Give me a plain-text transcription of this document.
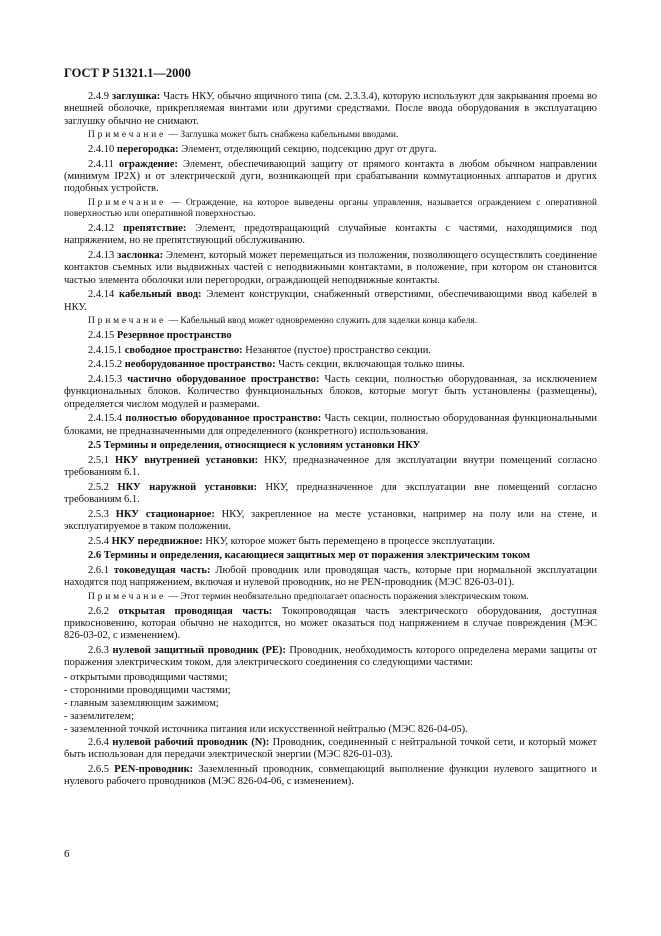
ГОСТ Р 51321.1—2000

2.4.9 заглушка: Часть НКУ, обычно ящичного типа (см. 2.3.3.4), которую используют для закрывания проема во внешней оболочке, прикрепляемая винтами или другими средствами. После ввода оборудования в эксплуатацию заглушку обычно не снимают.

Примечание — Заглушка может быть снабжена кабельными вводами.

2.4.10 перегородка: Элемент, отделяющий секцию, подсекцию друг от друга.

2.4.11 ограждение: Элемент, обеспечивающий защиту от прямого контакта в любом обычном направлении (минимум IP2X) и от электрической дуги, возникающей при срабатывании коммутационных аппаратов и других подобных устройств.

Примечание — Ограждение, на которое выведены органы управления, называется ограждением с оперативной поверхностью или оперативной поверхностью.

2.4.12 препятствие: Элемент, предотвращающий случайные контакты с частями, находящимися под напряжением, но не препятствующий обслуживанию.

2.4.13 заслонка: Элемент, который может перемещаться из положения, позволяющего осуществлять соединение контактов съемных или выдвижных частей с неподвижными контактами, в положение, при котором он становится частью элемента оболочки или перегородки, ограждающей неподвижные контакты.

2.4.14 кабельный ввод: Элемент конструкции, снабженный отверстиями, обеспечивающими ввод кабелей в НКУ.

Примечание — Кабельный ввод может одновременно служить для заделки конца кабеля.

2.4.15 Резервное пространство

2.4.15.1 свободное пространство: Незанятое (пустое) пространство секции.

2.4.15.2 необорудованное пространство: Часть секции, включающая только шины.

2.4.15.3 частично оборудованное пространство: Часть секции, полностью оборудованная, за исключением функциональных блоков. Количество функциональных блоков, которые могут быть установлены (размещены), определяется числом модулей и размерами.

2.4.15.4 полностью оборудованное пространство: Часть секции, полностью оборудованная функциональными блоками, не предназначенными для определенного (конкретного) использования.

2.5 Термины и определения, относящиеся к условиям установки НКУ

2.5.1 НКУ внутренней установки: НКУ, предназначенное для эксплуатации внутри помещений согласно требованиям 6.1.

2.5.2 НКУ наружной установки: НКУ, предназначенное для эксплуатации вне помещений согласно требованиям 6.1.

2.5.3 НКУ стационарное: НКУ, закрепленное на месте установки, например на полу или на стене, и эксплуатируемое в таком положении.

2.5.4 НКУ передвижное: НКУ, которое может быть перемещено в процессе эксплуатации.

2.6 Термины и определения, касающиеся защитных мер от поражения электрическим током

2.6.1 токоведущая часть: Любой проводник или проводящая часть, которые при нормальной эксплуатации находятся под напряжением, включая и нулевой проводник, но не PEN-проводник (МЭС 826-03-01).

Примечание — Этот термин необязательно предполагает опасность поражения электрическим током.

2.6.2 открытая проводящая часть: Токопроводящая часть электрического оборудования, доступная прикосновению, которая обычно не находится, но может оказаться под напряжением в случае повреждения (МЭС 826-03-02, с изменением).

2.6.3 нулевой защитный проводник (PE): Проводник, необходимость которого определена мерами защиты от поражения электрическим током, для электрического соединения со следующими частями:

- открытыми проводящими частями;

- сторонними проводящими частями;

- главным заземляющим зажимом;

- заземлителем;

- заземленной точкой источника питания или искусственной нейтралью (МЭС 826-04-05).

2.6.4 нулевой рабочий проводник (N): Проводник, соединенный с нейтральной точкой сети, и который может быть использован для передачи электрической энергии (МЭС 826-01-03).

2.6.5 PEN-проводник: Заземленный проводник, совмещающий выполнение функции нулевого защитного и нулевого рабочего проводников (МЭС 826-04-06, с изменением).

6
